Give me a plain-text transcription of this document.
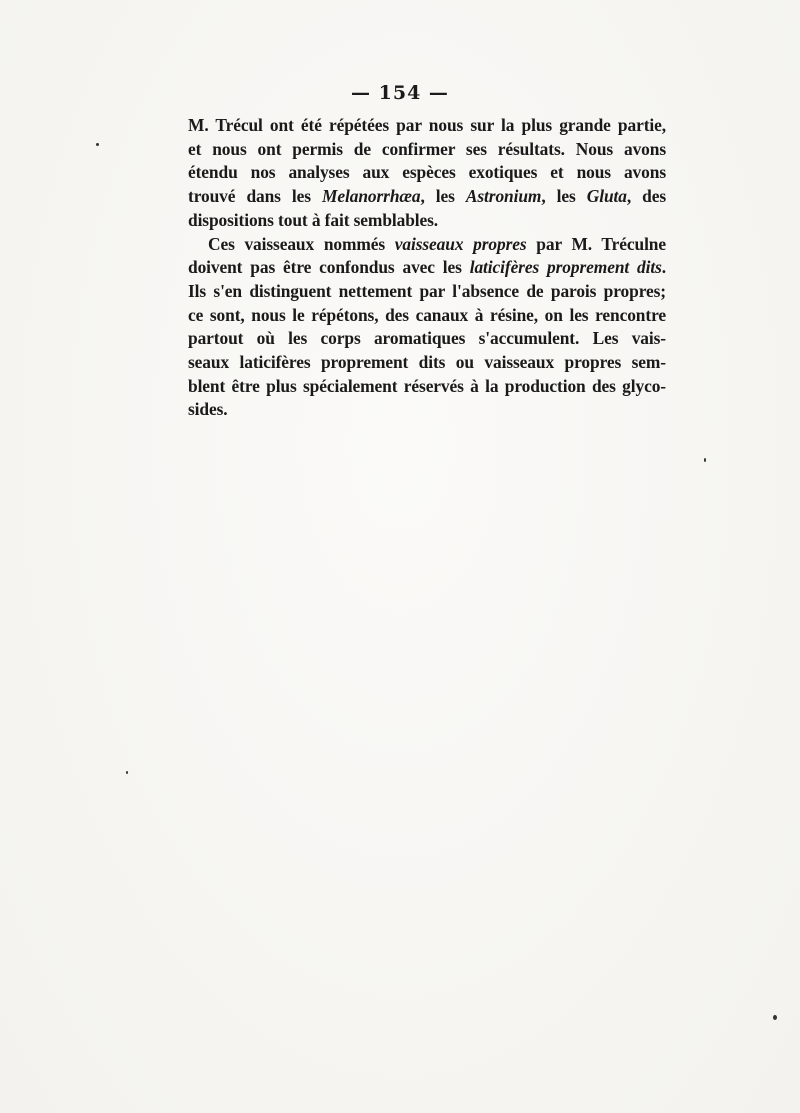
— 154 —

M. Trécul ont été répétées par nous sur la plus grande partie,
et nous ont permis de confirmer ses résultats. Nous avons
étendu nos analyses aux espèces exotiques et nous avons
trouvé dans les Melanorrhæa, les Astronium, les Gluta, des
dispositions tout à fait semblables.

Ces vaisseaux nommés vaisseaux propres par M. Tréculne
doivent pas être confondus avec les laticifères proprement dits.
Ils s'en distinguent nettement par l'absence de parois propres;
ce sont, nous le répétons, des canaux à résine, on les rencontre
partout où les corps aromatiques s'accumulent. Les vais-
seaux laticifères proprement dits ou vaisseaux propres sem-
blent être plus spécialement réservés à la production des glyco-
sides.
